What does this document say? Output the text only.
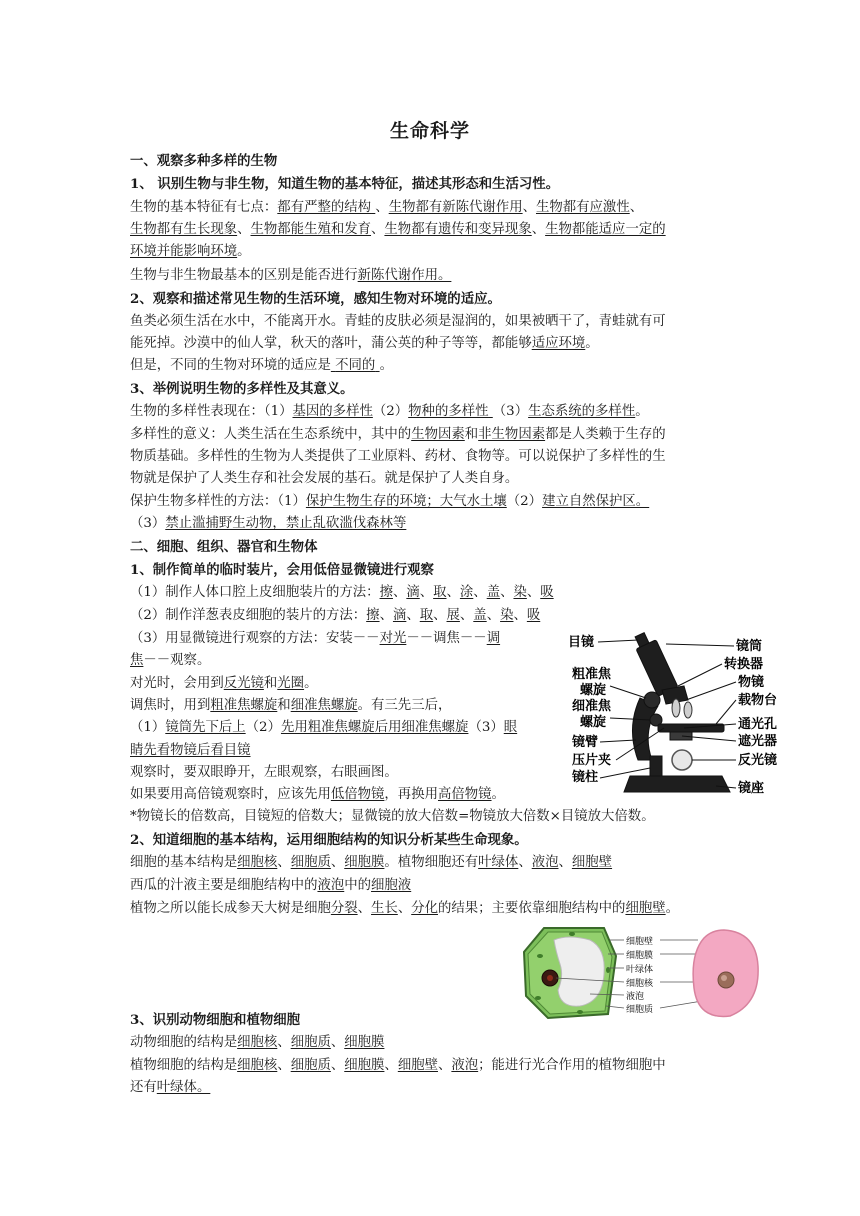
生命科学
一、观察多种多样的生物
1、 识别生物与非生物，知道生物的基本特征，描述其形态和生活习性。
生物的基本特征有七点：都有严整的结构 、生物都有新陈代谢作用、生物都有应激性、
生物都有生长现象、生物都能生殖和发育、生物都有遗传和变异现象、生物都能适应一定的
环境并能影响环境。
生物与非生物最基本的区别是能否进行新陈代谢作用。
2、观察和描述常见生物的生活环境，感知生物对环境的适应。
鱼类必须生活在水中，不能离开水。青蛙的皮肤必须是湿润的，如果被晒干了，青蛙就有可
能死掉。沙漠中的仙人掌，秋天的落叶，蒲公英的种子等等，都能够适应环境。
但是，不同的生物对环境的适应是 不同的 。
3、举例说明生物的多样性及其意义。
生物的多样性表现在：（1）基因的多样性（2）物种的多样性 （3）生态系统的多样性。
多样性的意义：人类生活在生态系统中，其中的生物因素和非生物因素都是人类赖于生存的
物质基础。多样性的生物为人类提供了工业原料、药材、食物等。可以说保护了多样性的生
物就是保护了人类生存和社会发展的基石。就是保护了人类自身。
保护生物多样性的方法：（1）保护生物生存的环境；大气水土壤（2）建立自然保护区。
（3）禁止滥捕野生动物，禁止乱砍滥伐森林等
二、细胞、组织、器官和生物体
1、制作简单的临时装片，会用低倍显微镜进行观察
（1）制作人体口腔上皮细胞装片的方法：擦、滴、取、涂、盖、染、吸
（2）制作洋葱表皮细胞的装片的方法：擦、滴、取、展、盖、染、吸
（3）用显微镜进行观察的方法：安装－－对光－－调焦－－调
焦－－观察。
对光时，会用到反光镜和光圈。
调焦时，用到粗准焦螺旋和细准焦螺旋。有三先三后，
（1）镜筒先下后上（2）先用粗准焦螺旋后用细准焦螺旋（3）眼
睛先看物镜后看目镜
观察时，要双眼睁开，左眼观察，右眼画图。
如果要用高倍镜观察时，应该先用低倍物镜，再换用高倍物镜。
*物镜长的倍数高，目镜短的倍数大；显微镜的放大倍数=物镜放大倍数×目镜放大倍数。
2、知道细胞的基本结构，运用细胞结构的知识分析某些生命现象。
细胞的基本结构是细胞核、细胞质、细胞膜。植物细胞还有叶绿体、液泡、细胞壁
西瓜的汁液主要是细胞结构中的液泡中的细胞液
植物之所以能长成参天大树是细胞分裂、生长、分化的结果；主要依靠细胞结构中的细胞壁。
3、识别动物细胞和植物细胞
动物细胞的结构是细胞核、细胞质、细胞膜
植物细胞的结构是细胞核、细胞质、细胞膜、细胞壁、液泡；能进行光合作用的植物细胞中
还有叶绿体。
目镜
粗准焦
螺旋
细准焦
螺旋
镜臂
压片夹
镜柱
镜筒
转换器
物镜
载物台
通光孔
遮光器
反光镜
镜座
细胞壁
细胞膜
叶绿体
细胞核
液泡
细胞质
